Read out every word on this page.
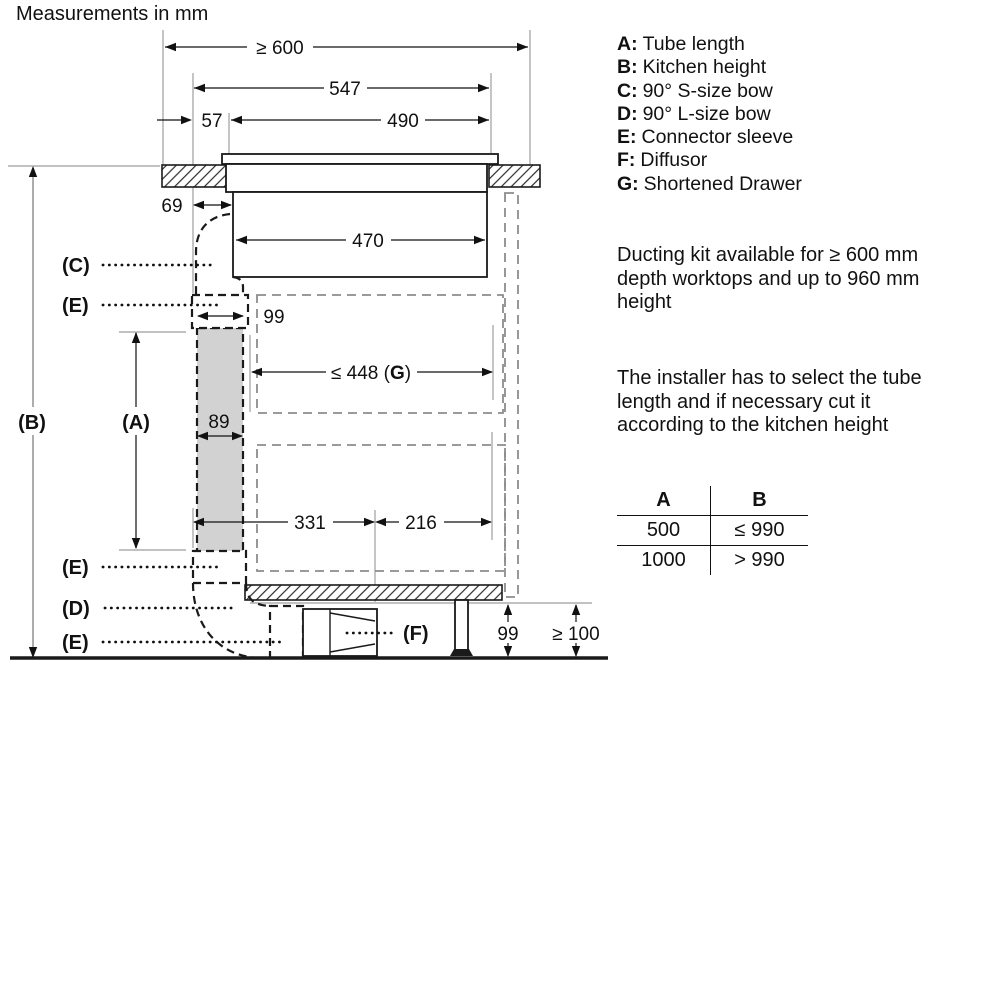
Measurements in mm
≥ 600
547
57	490
470
69
99
89
≤ 448 (G)
331	216
99 ≥ 100
(C)
(E)
(E)
(D)
(E)	(F)
(B)	(A)
A: Tube length
B: Kitchen height
C: 90° S-size bow
D: 90° L-size bow
E: Connector sleeve
F: Diffusor
G: Shortened Drawer
Ducting kit available for ≥ 600 mm
depth worktops and up to 960 mm
height
The installer has to select the tube
length and if necessary cut it
according to the kitchen height
A	B
500	≤ 990
1000	> 990
